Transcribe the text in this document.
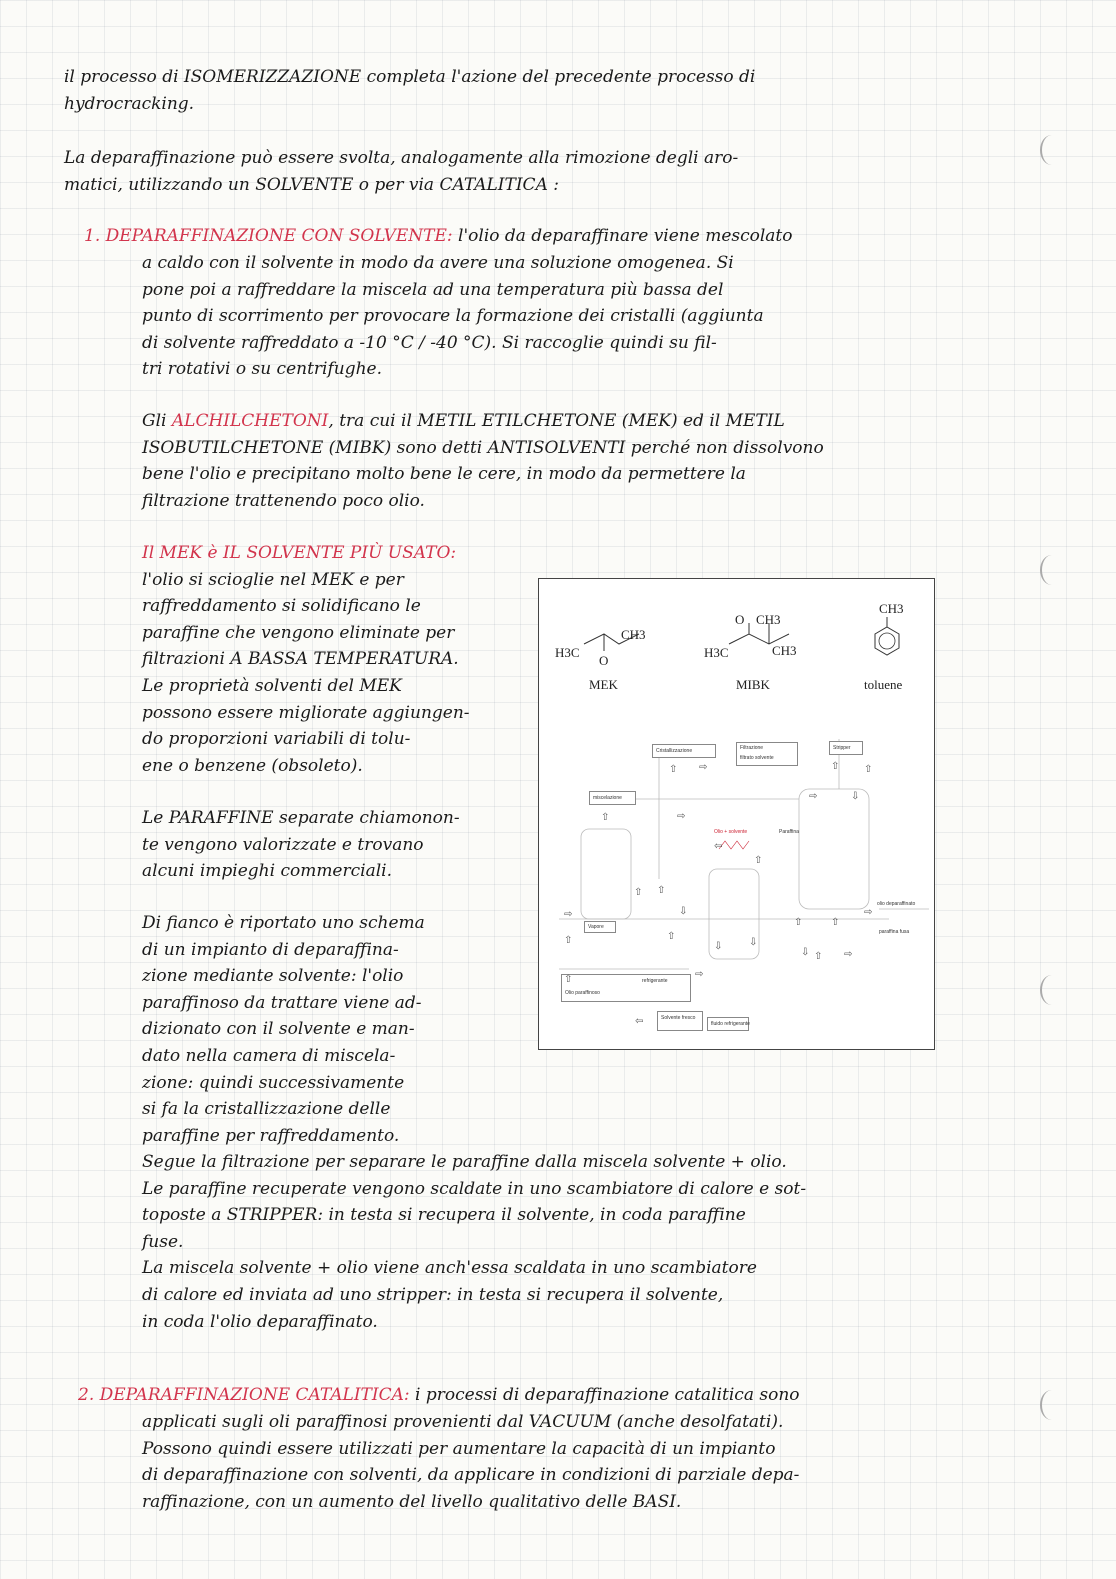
il processo di ISOMERIZZAZIONE completa l'azione del precedente processo di

hydrocracking.

La deparaffinazione può essere svolta, analogamente alla rimozione degli aro-

matici, utilizzando un SOLVENTE o per via CATALITICA :

1. DEPARAFFINAZIONE CON SOLVENTE: l'olio da deparaffinare viene mescolato

a caldo con il solvente in modo da avere una soluzione omogenea. Si

pone poi a raffreddare la miscela ad una temperatura più bassa del

punto di scorrimento per provocare la formazione dei cristalli (aggiunta

di solvente raffreddato a -10 °C / -40 °C). Si raccoglie quindi su fil-

tri rotativi o su centrifughe.

Gli ALCHILCHETONI, tra cui il METIL ETILCHETONE (MEK) ed il METIL

ISOBUTILCHETONE (MIBK) sono detti ANTISOLVENTI perché non dissolvono

bene l'olio e precipitano molto bene le cere, in modo da permettere la

filtrazione trattenendo poco olio.

Il MEK è IL SOLVENTE PIÙ USATO:

l'olio si scioglie nel MEK e per

raffreddamento si solidificano le

paraffine che vengono eliminate per

filtrazioni A BASSA TEMPERATURA.

Le proprietà solventi del MEK

possono essere migliorate aggiungen-

do proporzioni variabili di tolu-

ene o benzene (obsoleto).

Le PARAFFINE separate chiamonon-

te vengono valorizzate e trovano

alcuni impieghi commerciali.

Di fianco è riportato uno schema

di un impianto di deparaffina-

zione mediante solvente: l'olio

paraffinoso da trattare viene ad-

dizionato con il solvente e man-

dato nella camera di miscela-

zione: quindi successivamente

si fa la cristallizzazione delle

paraffine per raffreddamento.

Segue la filtrazione per separare le paraffine dalla miscela solvente + olio.

Le paraffine recuperate vengono scaldate in uno scambiatore di calore e sot-

toposte a STRIPPER: in testa si recupera il solvente, in coda paraffine

fuse.

La miscela solvente + olio viene anch'essa scaldata in uno scambiatore

di calore ed inviata ad uno stripper: in testa si recupera il solvente,

in coda l'olio deparaffinato.

2. DEPARAFFINAZIONE CATALITICA: i processi di deparaffinazione catalitica sono

applicati sugli oli paraffinosi provenienti dal VACUUM (anche desolfatati).

Possono quindi essere utilizzati per aumentare la capacità di un impianto

di deparaffinazione con solventi, da applicare in condizioni di parziale depa-

raffinazione, con un aumento del livello qualitativo delle BASI.

H3C
CH3
O
MEK
H3C
O CH3
CH3
MIBK
CH3
toluene
Cristallizzazione	Filtrazione
filtrato solvente
Stripper
miscelazione
Olio + solvente	Paraffina
Vapore
olio deparaffinato
paraffina fusa
Olio paraffinoso
refrigerante
Solvente fresco
fluido refrigerante
⇧ ⇨	⇧ ⇧
⇨	⇩
⇧	⇨
⇦
⇧
⇧ ⇧
⇩
⇨
⇧	⇧
⇩	⇩
⇧	⇧
⇨
⇩ ⇧ ⇨
⇨
⇧
⇦
